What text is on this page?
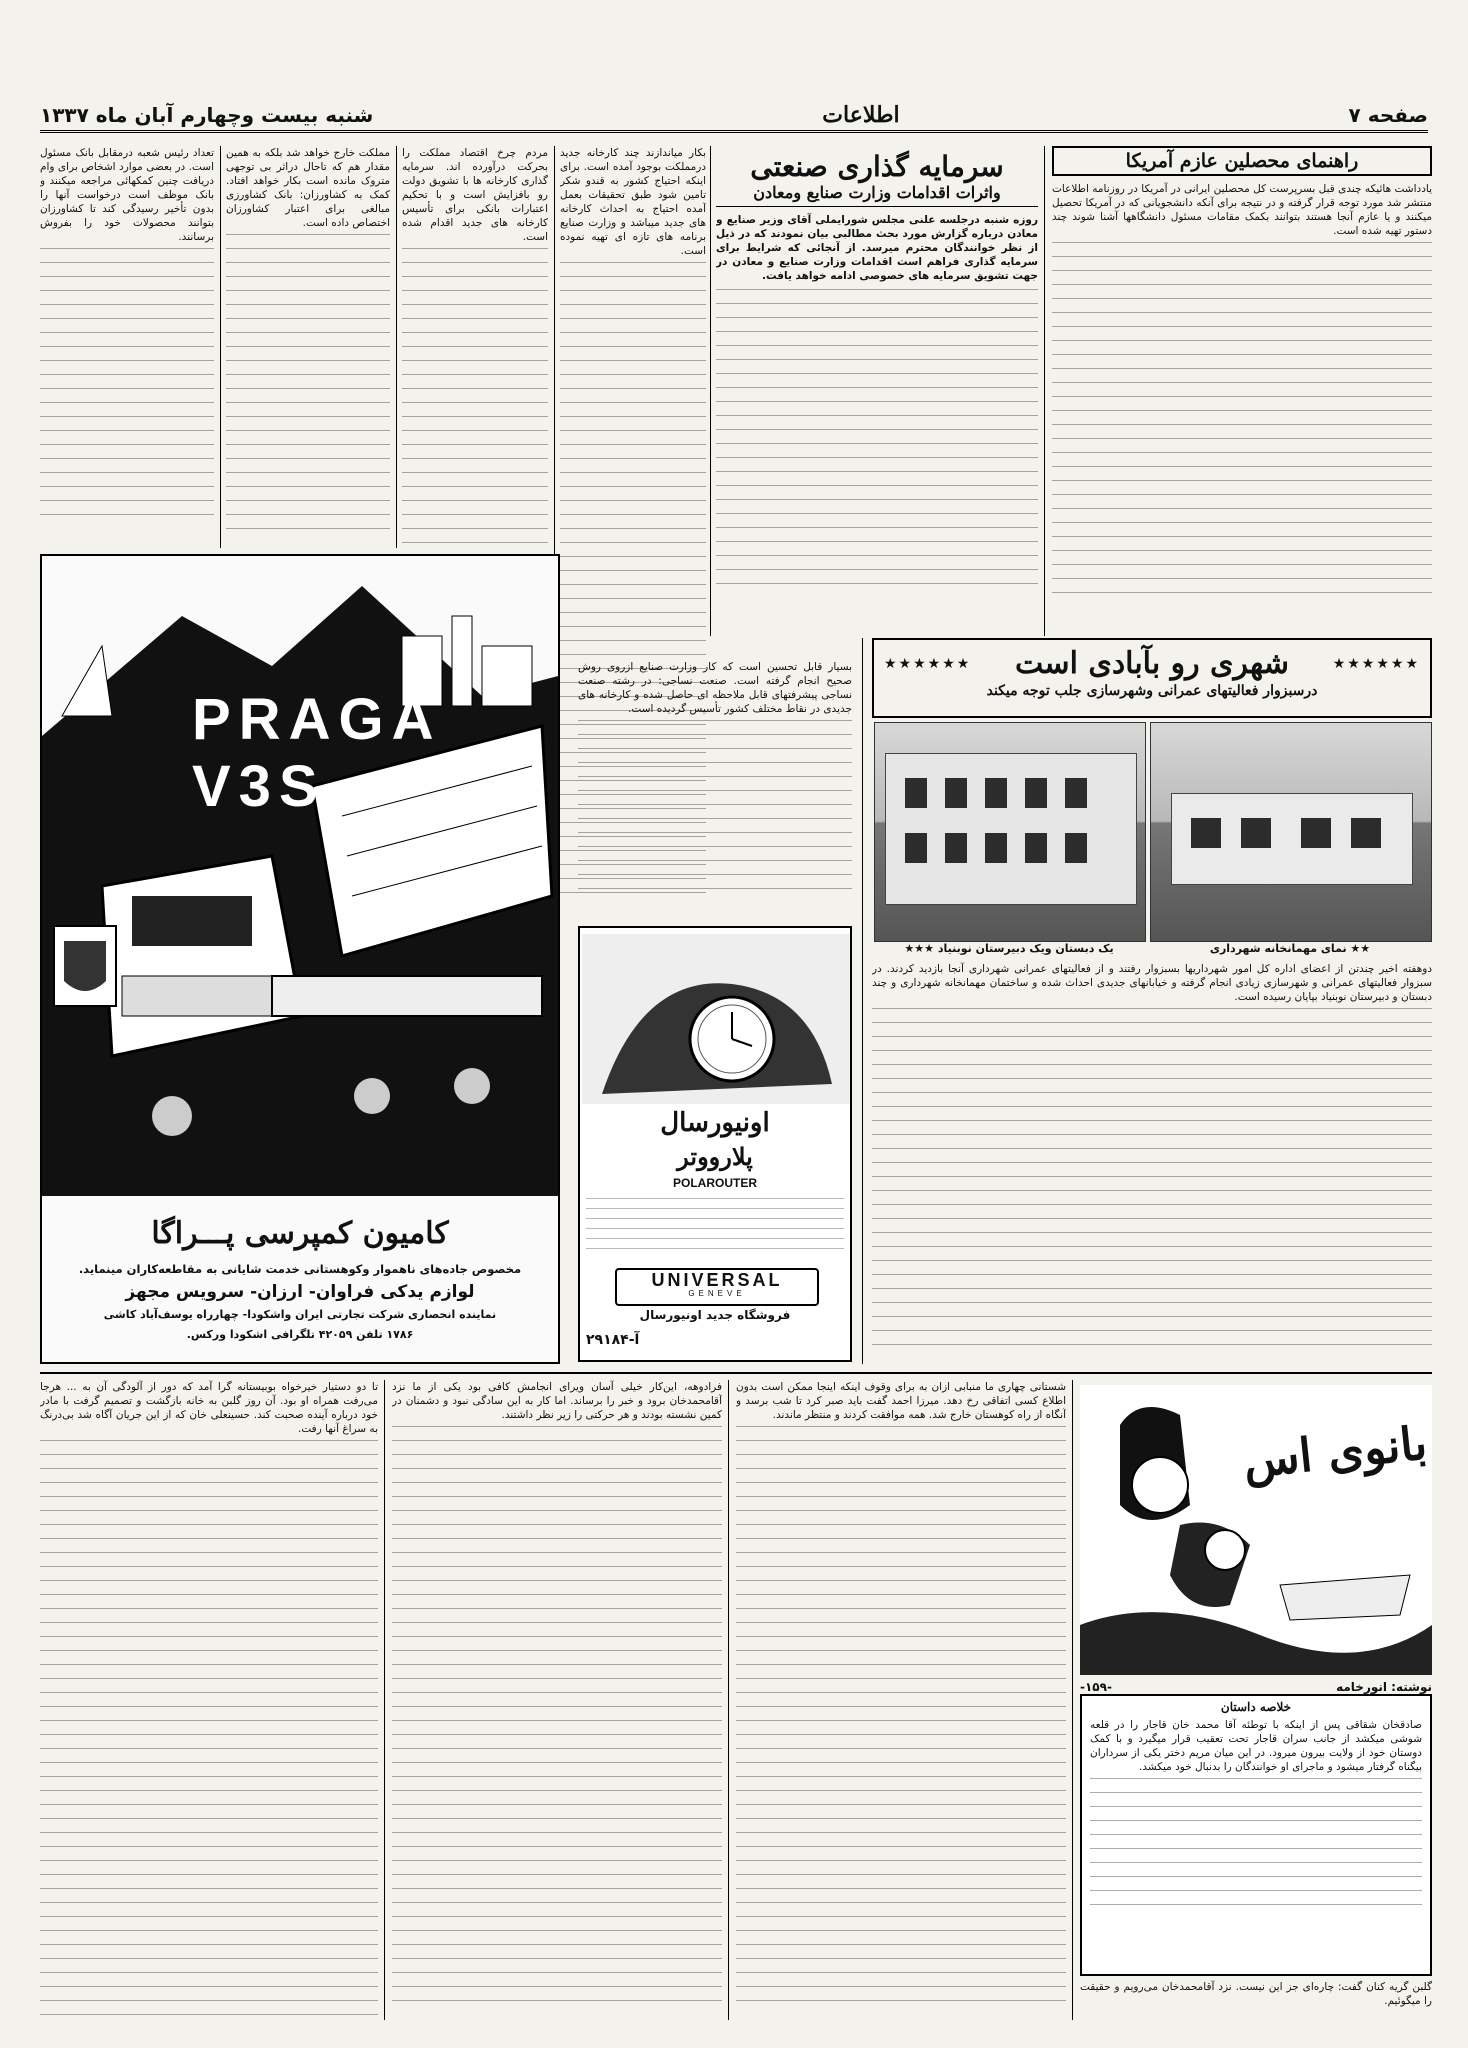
صفحه ۷
اطلاعات
شنبه بیست وچهارم آبان ماه ۱۳۳۷
راهنمای محصلین عازم آمریکا
یادداشت هائیکه چندی قبل بسرپرست کل محصلین ایرانی در آمریکا در روزنامه اطلاعات منتشر شد مورد توجه قرار گرفته و در نتیجه برای آنکه دانشجویانی که در آمریکا تحصیل میکنند و یا عازم آنجا هستند بتوانند بکمک مقامات مسئول دانشگاهها آشنا شوند چند دستور تهیه شده است.
سرمایه گذاری صنعتی
واثرات اقدامات وزارت صنایع ومعادن
روزه شنبه درجلسه علنی مجلس شورایملی آقای وزیر صنایع و معادن درباره گزارش مورد بحث مطالبی بیان نمودند که در ذیل از نظر خوانندگان محترم میرسد. از آنجائی که شرایط برای سرمایه گذاری فراهم است اقدامات وزارت صنایع و معادن در جهت تشویق سرمایه های خصوصی ادامه خواهد یافت.
بکار میاندازند چند کارخانه جدید درمملکت بوجود آمده است. برای اینکه احتیاج کشور به قندو شکر تامین شود طبق تحقیقات بعمل آمده احتیاج به احداث کارخانه های جدید میباشد و وزارت صنایع برنامه های تازه ای تهیه نموده است.
مردم چرخ اقتصاد مملکت را بحرکت درآورده اند. سرمایه گذاری کارخانه ها با تشویق دولت رو بافزایش است و با تحکیم اعتبارات بانکی برای تأسیس کارخانه های جدید اقدام شده است.
مملکت خارج خواهد شد بلکه به همین مقدار هم که تاحال دراثر بی توجهی متروک مانده است بکار خواهد افتاد. کمک به کشاورزان: بانک کشاورزی مبالغی برای اعتبار کشاورزان اختصاص داده است.
تعداد رئیس شعبه درمقابل بانک مسئول است. در بعضی موارد اشخاص برای وام دریافت چنین کمکهائی مراجعه میکنند و بانک موظف است درخواست آنها را بدون تأخیر رسیدگی کند تا کشاورزان بتوانند محصولات خود را بفروش برسانند.
★★★★★★
شهری رو بآبادی است
★★★★★★
درسبزوار فعالیتهای عمرانی وشهرسازی جلب توجه میکند
★★ نمای مهمانخانه شهرداری
یک دبستان ویک دبیرستان نوبنیاد ★★★
دوهفته اخیر چندتن از اعضای اداره کل امور شهرداریها بسبزوار رفتند و از فعالیتهای عمرانی شهرداری آنجا بازدید کردند. در سبزوار فعالیتهای عمرانی و شهرسازی زیادی انجام گرفته و خیابانهای جدیدی احداث شده و ساختمان مهمانخانه شهرداری و چند دبستان و دبیرستان نوبنیاد بپایان رسیده است.
بسیار قابل تحسین است که کار وزارت صنایع ازروی روش صحیح انجام گرفته است. صنعت نساجی: در رشته صنعت نساجی پیشرفتهای قابل ملاحظه ای حاصل شده و کارخانه های جدیدی در نقاط مختلف کشور تأسیس گردیده است.
اونیورسال
پلارووتر
POLAROUTER
UNIVERSAL
GENEVE
فروشگاه جدید اونیورسال
آ-۲۹۱۸۴
PRAGA V3S
کامیون کمپرسی پـــراگا
مخصوص جاده‌های ناهموار وکوهستانی خدمت شایانی به مقاطعه‌کاران مینماید.
لوازم یدکی فراوان- ارزان- سرویس مجهز
نماینده انحصاری شرکت تجارتی ایران واشکودا- چهارراه یوسف‌آباد کاشی
۱۷۸۶ تلفن ۴۲۰۵۹ تلگرافی اشکودا ورکس.
بانوی اس
نوشته: انورخامه
-۱۵۹-
خلاصه داستان
صادقخان شقاقی پس از اینکه با توطئه آقا محمد خان قاجار را در قلعه شوشی میکشد از جانب سران قاجار تحت تعقیب قرار میگیرد و با کمک دوستان خود از ولایت بیرون میرود. در این میان مریم دختر یکی از سرداران بیگناه گرفتار میشود و ماجرای او خوانندگان را بدنبال خود میکشد.
گلبن گریه کنان گفت: چاره‌ای جز این نیست. نزد آقامحمدخان می‌رویم و حقیقت را میگوئیم.
شستانی چهاری ما منبابی ازان به برای وقوف اینکه اینجا ممکن است بدون اطلاع کسی اتفاقی رخ دهد. میرزا احمد گفت باید صبر کرد تا شب برسد و آنگاه از راه کوهستان خارج شد. همه موافقت کردند و منتظر ماندند.
فرادوهه، این‌کار خیلی آسان ویرای انجامش کافی بود یکی از ما نزد آقامحمدخان برود و خبر را برساند. اما کار به این سادگی نبود و دشمنان در کمین نشسته بودند و هر حرکتی را زیر نظر داشتند.
تا دو دستیار خیرخواه بوبیستانه گرا آمد که دور از آلودگی آن به ... هرجا می‌رفت همراه او بود. آن روز گلبن به خانه بازگشت و تصمیم گرفت با مادر خود درباره آینده صحبت کند. حسینعلی خان که از این جریان آگاه شد بی‌درنگ به سراغ آنها رفت.
